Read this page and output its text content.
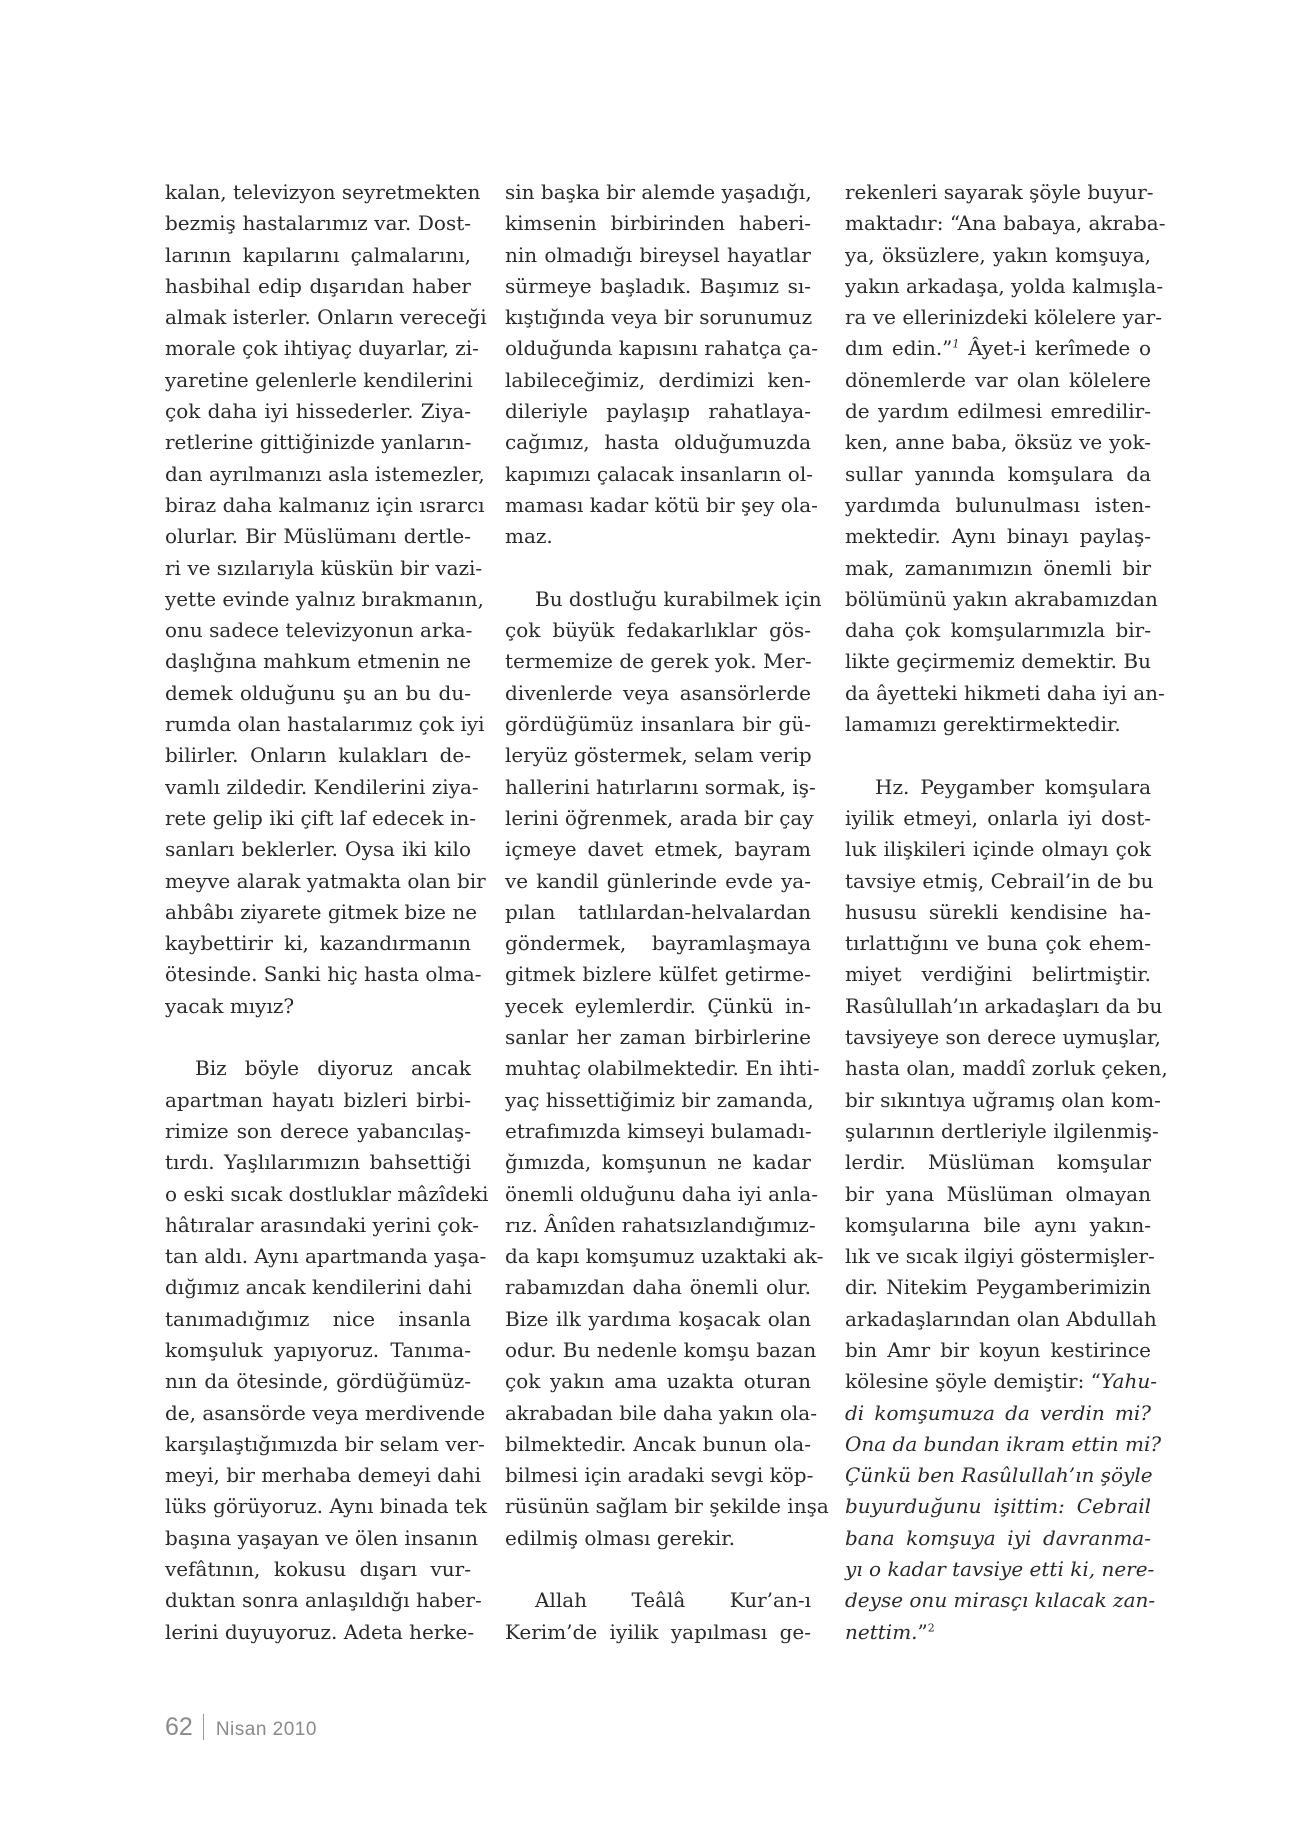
kalan, televizyon seyretmekten
bezmiş hastalarımız var. Dost-
larının kapılarını çalmalarını,
hasbihal edip dışarıdan haber
almak isterler. Onların vereceği
morale çok ihtiyaç duyarlar, zi-
yaretine gelenlerle kendilerini
çok daha iyi hissederler. Ziya-
retlerine gittiğinizde yanların-
dan ayrılmanızı asla istemezler,
biraz daha kalmanız için ısrarcı
olurlar. Bir Müslümanı dertle-
ri ve sızılarıyla küskün bir vazi-
yette evinde yalnız bırakmanın,
onu sadece televizyonun arka-
daşlığına mahkum etmenin ne
demek olduğunu şu an bu du-
rumda olan hastalarımız çok iyi
bilirler. Onların kulakları de-
vamlı zildedir. Kendilerini ziya-
rete gelip iki çift laf edecek in-
sanları beklerler. Oysa iki kilo
meyve alarak yatmakta olan bir
ahbâbı ziyarete gitmek bize ne
kaybettirir ki, kazandırmanın
ötesinde. Sanki hiç hasta olma-
yacak mıyız?
Biz böyle diyoruz ancak
apartman hayatı bizleri birbi-
rimize son derece yabancılaş-
tırdı. Yaşlılarımızın bahsettiği
o eski sıcak dostluklar mâzîdeki
hâtıralar arasındaki yerini çok-
tan aldı. Aynı apartmanda yaşa-
dığımız ancak kendilerini dahi
tanımadığımız nice insanla
komşuluk yapıyoruz. Tanıma-
nın da ötesinde, gördüğümüz-
de, asansörde veya merdivende
karşılaştığımızda bir selam ver-
meyi, bir merhaba demeyi dahi
lüks görüyoruz. Aynı binada tek
başına yaşayan ve ölen insanın
vefâtının, kokusu dışarı vur-
duktan sonra anlaşıldığı haber-
lerini duyuyoruz. Adeta herke-
sin başka bir alemde yaşadığı,
kimsenin birbirinden haberi-
nin olmadığı bireysel hayatlar
sürmeye başladık. Başımız sı-
kıştığında veya bir sorunumuz
olduğunda kapısını rahatça ça-
labileceğimiz, derdimizi ken-
dileriyle paylaşıp rahatlaya-
cağımız, hasta olduğumuzda
kapımızı çalacak insanların ol-
maması kadar kötü bir şey ola-
maz.
Bu dostluğu kurabilmek için
çok büyük fedakarlıklar gös-
termemize de gerek yok. Mer-
divenlerde veya asansörlerde
gördüğümüz insanlara bir gü-
leryüz göstermek, selam verip
hallerini hatırlarını sormak, iş-
lerini öğrenmek, arada bir çay
içmeye davet etmek, bayram
ve kandil günlerinde evde ya-
pılan tatlılardan-helvalardan
göndermek, bayramlaşmaya
gitmek bizlere külfet getirme-
yecek eylemlerdir. Çünkü in-
sanlar her zaman birbirlerine
muhtaç olabilmektedir. En ihti-
yaç hissettiğimiz bir zamanda,
etrafımızda kimseyi bulamadı-
ğımızda, komşunun ne kadar
önemli olduğunu daha iyi anla-
rız. Ânîden rahatsızlandığımız-
da kapı komşumuz uzaktaki ak-
rabamızdan daha önemli olur.
Bize ilk yardıma koşacak olan
odur. Bu nedenle komşu bazan
çok yakın ama uzakta oturan
akrabadan bile daha yakın ola-
bilmektedir. Ancak bunun ola-
bilmesi için aradaki sevgi köp-
rüsünün sağlam bir şekilde inşa
edilmiş olması gerekir.
Allah Teâlâ Kur’an-ı
Kerim’de iyilik yapılması ge-
rekenleri sayarak şöyle buyur-
maktadır: “Ana babaya, akraba-
ya, öksüzlere, yakın komşuya,
yakın arkadaşa, yolda kalmışla-
ra ve ellerinizdeki kölelere yar-
dım edin.”$^1$ Âyet-i kerîmede o
dönemlerde var olan kölelere
de yardım edilmesi emredilir-
ken, anne baba, öksüz ve yok-
sullar yanında komşulara da
yardımda bulunulması isten-
mektedir. Aynı binayı paylaş-
mak, zamanımızın önemli bir
bölümünü yakın akrabamızdan
daha çok komşularımızla bir-
likte geçirmemiz demektir. Bu
da âyetteki hikmeti daha iyi an-
lamamızı gerektirmektedir.
Hz. Peygamber komşulara
iyilik etmeyi, onlarla iyi dost-
luk ilişkileri içinde olmayı çok
tavsiye etmiş, Cebrail’in de bu
hususu sürekli kendisine ha-
tırlattığını ve buna çok ehem-
miyet verdiğini belirtmiştir.
Rasûlullah’ın arkadaşları da bu
tavsiyeye son derece uymuşlar,
hasta olan, maddî zorluk çeken,
bir sıkıntıya uğramış olan kom-
şularının dertleriyle ilgilenmiş-
lerdir. Müslüman komşular
bir yana Müslüman olmayan
komşularına bile aynı yakın-
lık ve sıcak ilgiyi göstermişler-
dir. Nitekim Peygamberimizin
arkadaşlarından olan Abdullah
bin Amr bir koyun kestirince
kölesine şöyle demiştir: “Yahu-
di komşumuza da verdin mi?
Ona da bundan ikram ettin mi?
Çünkü ben Rasûlullah’ın şöyle
buyurduğunu işittim: Cebrail
bana komşuya iyi davranma-
yı o kadar tavsiye etti ki, nere-
deyse onu mirasçı kılacak zan-
nettim.”$^2$
62 Nisan 2010
